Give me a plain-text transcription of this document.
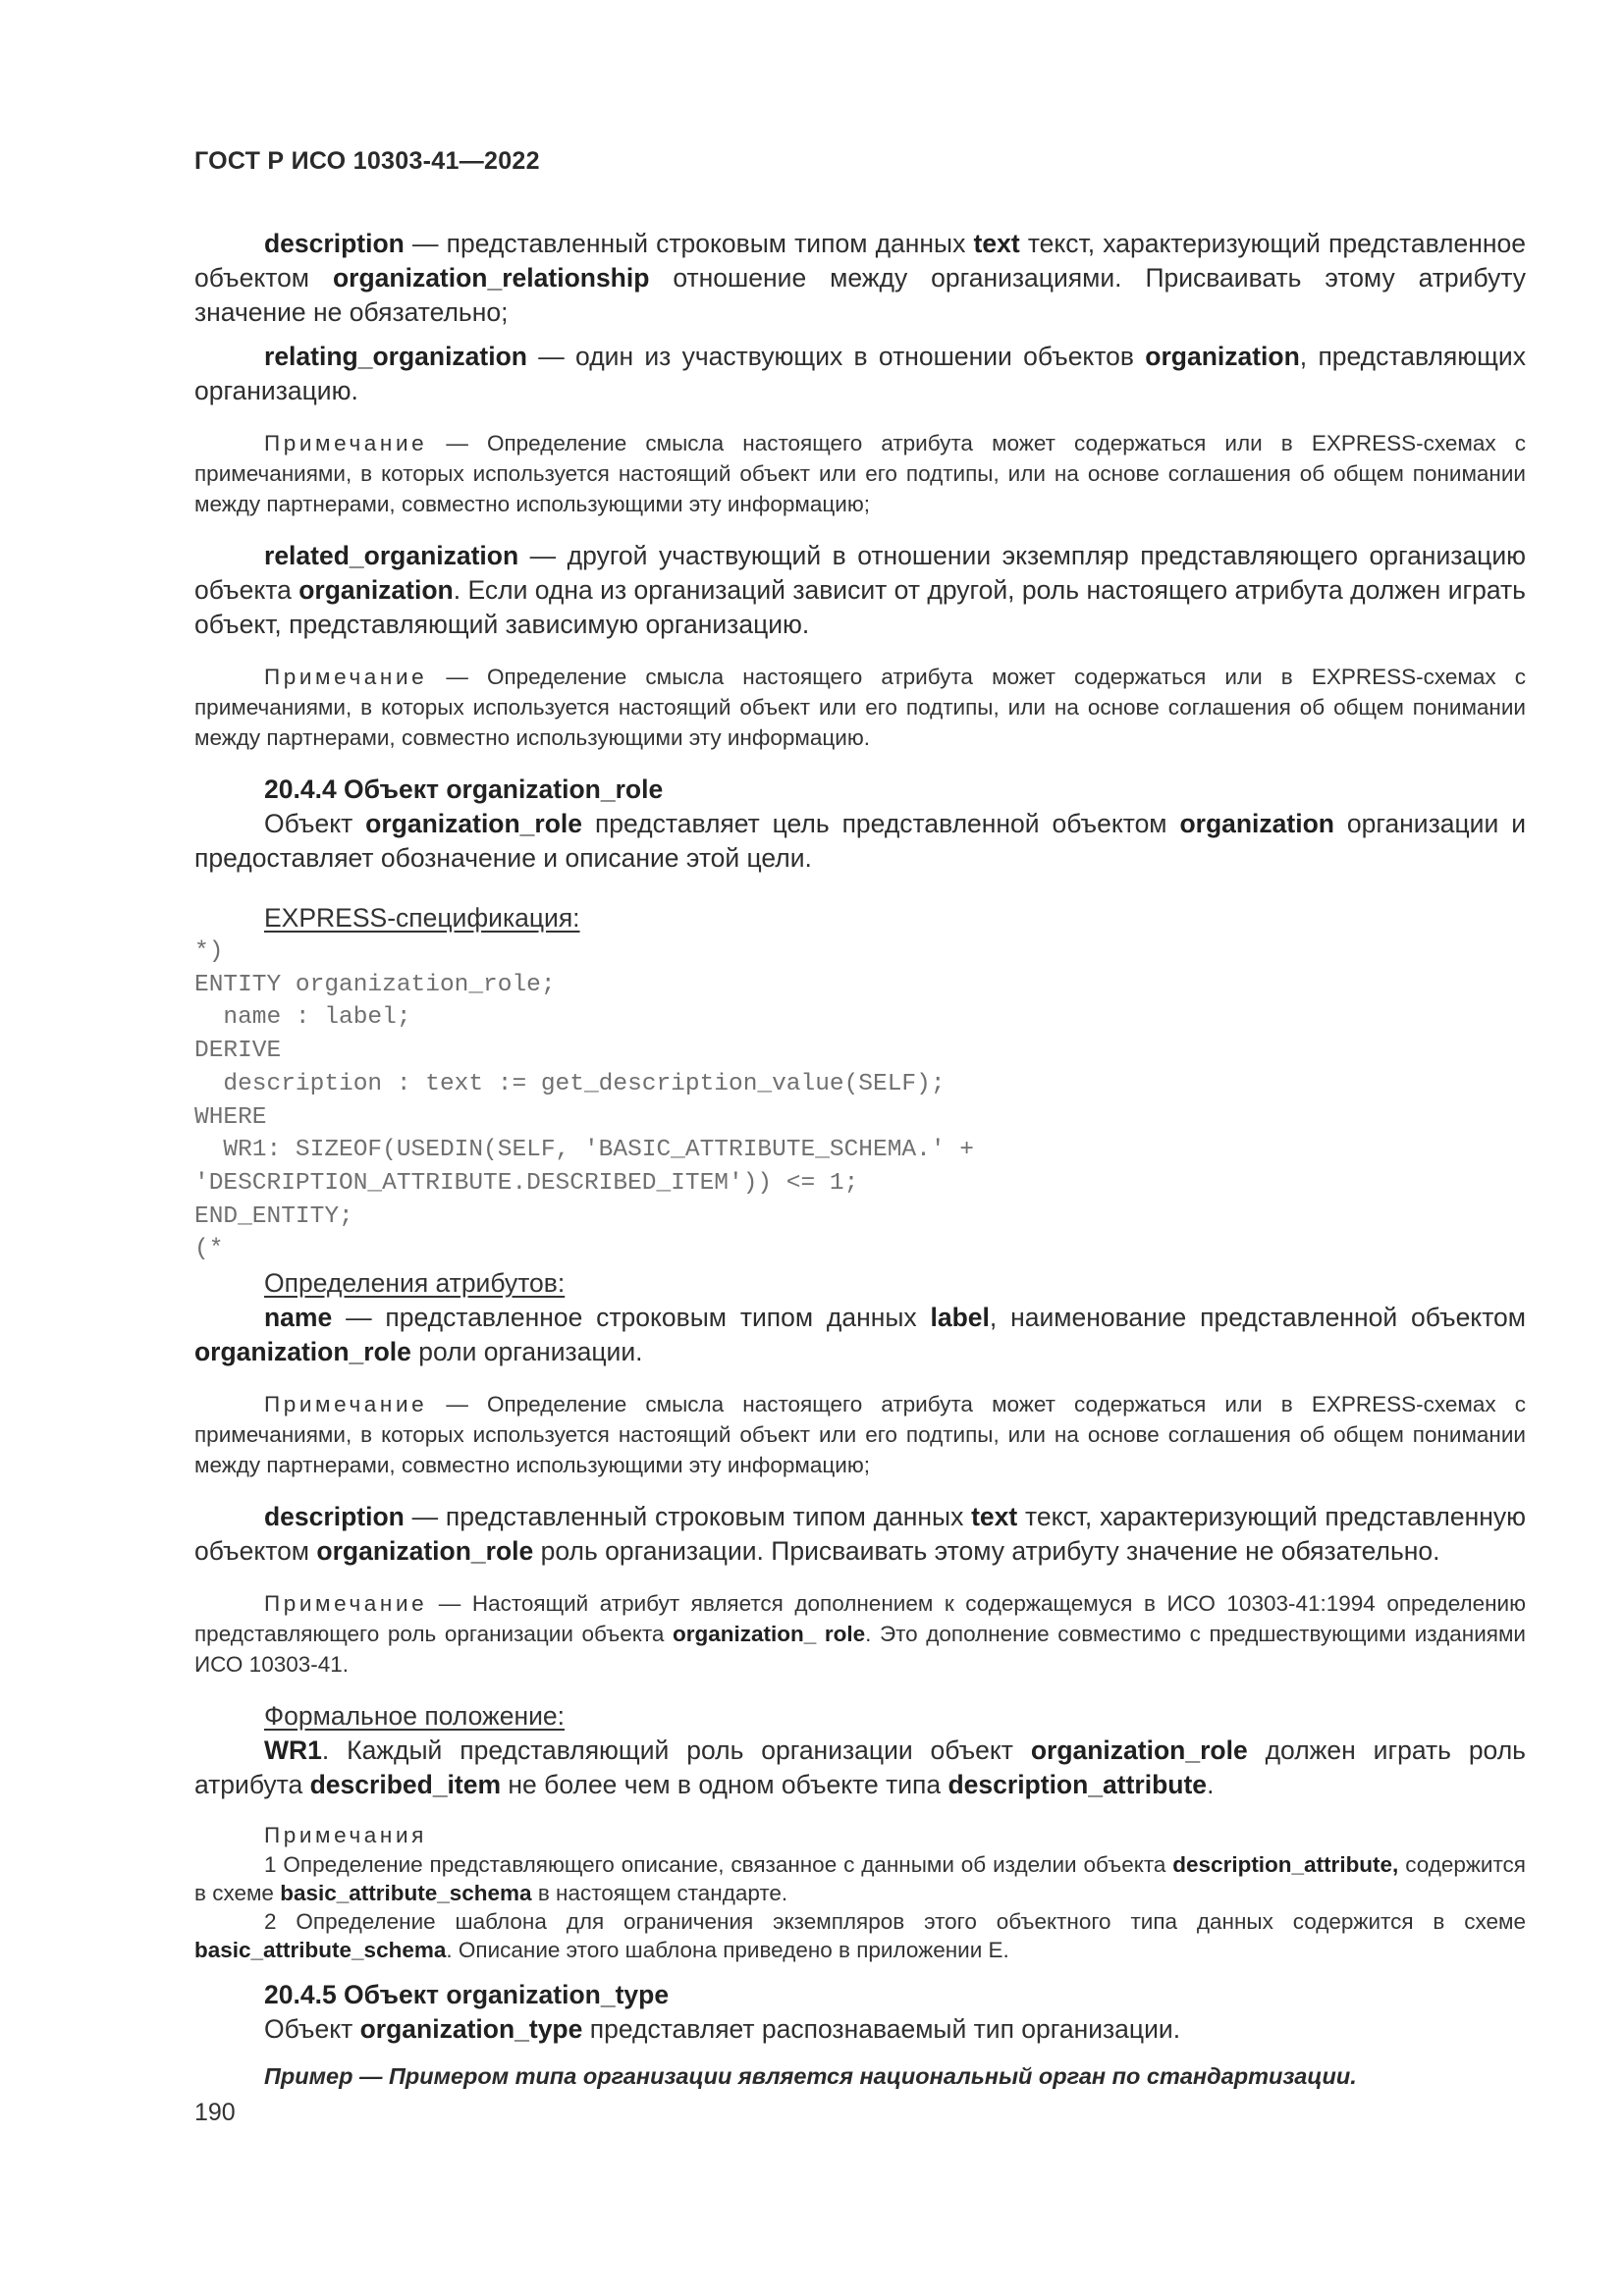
ГОСТ Р ИСО 10303-41—2022

description — представленный строковым типом данных text текст, характеризующий представленное объектом organization_relationship отношение между организациями. Присваивать этому атрибуту значение не обязательно;

relating_organization — один из участвующих в отношении объектов organization, представляющих организацию.

Примечание — Определение смысла настоящего атрибута может содержаться или в EXPRESS-схемах с примечаниями, в которых используется настоящий объект или его подтипы, или на основе соглашения об общем понимании между партнерами, совместно использующими эту информацию;

related_organization — другой участвующий в отношении экземпляр представляющего организацию объекта organization. Если одна из организаций зависит от другой, роль настоящего атрибута должен играть объект, представляющий зависимую организацию.

Примечание — Определение смысла настоящего атрибута может содержаться или в EXPRESS-схемах с примечаниями, в которых используется настоящий объект или его подтипы, или на основе соглашения об общем понимании между партнерами, совместно использующими эту информацию.

20.4.4 Объект organization_role

Объект organization_role представляет цель представленной объектом organization организации и предоставляет обозначение и описание этой цели.

EXPRESS-спецификация:
*)
ENTITY organization_role;
name : label;
DERIVE
description : text := get_description_value(SELF);
WHERE
WR1: SIZEOF(USEDIN(SELF, 'BASIC_ATTRIBUTE_SCHEMA.' +
'DESCRIPTION_ATTRIBUTE.DESCRIBED_ITEM')) <= 1;
END_ENTITY;
(*
Определения атрибутов:

name — представленное строковым типом данных label, наименование представленной объектом organization_role роли организации.

Примечание — Определение смысла настоящего атрибута может содержаться или в EXPRESS-схемах с примечаниями, в которых используется настоящий объект или его подтипы, или на основе соглашения об общем понимании между партнерами, совместно использующими эту информацию;

description — представленный строковым типом данных text текст, характеризующий представленную объектом organization_role роль организации. Присваивать этому атрибуту значение не обязательно.

Примечание — Настоящий атрибут является дополнением к содержащемуся в ИСО 10303-41:1994 определению представляющего роль организации объекта organization_ role. Это дополнение совместимо с предшествующими изданиями ИСО 10303-41.

Формальное положение:

WR1. Каждый представляющий роль организации объект organization_role должен играть роль атрибута described_item не более чем в одном объекте типа description_attribute.

Примечания

1 Определение представляющего описание, связанное с данными об изделии объекта description_attribute, содержится в схеме basic_attribute_schema в настоящем стандарте.

2 Определение шаблона для ограничения экземпляров этого объектного типа данных содержится в схеме basic_attribute_schema. Описание этого шаблона приведено в приложении E.

20.4.5 Объект organization_type

Объект organization_type представляет распознаваемый тип организации.

Пример — Примером типа организации является национальный орган по стандартизации.
190
